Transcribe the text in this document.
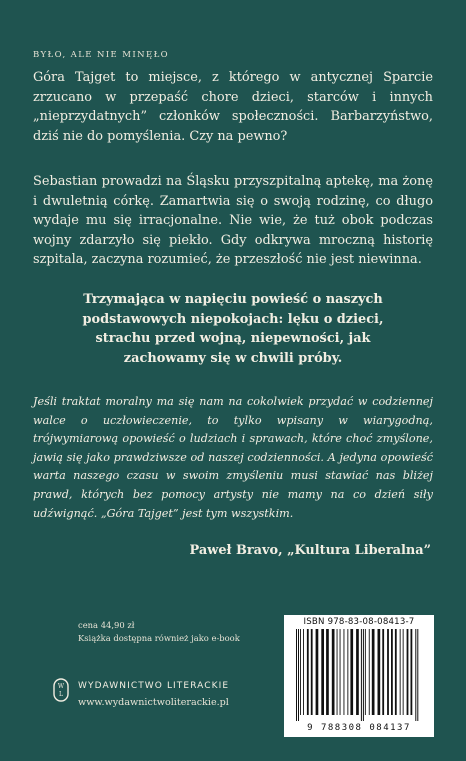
BYŁO, ALE NIE MINĘŁO

Góra Tajget to miejsce, z którego w antycznej Sparcie zrzucano w przepaść chore dzieci, starców i innych „nieprzydatnych” członków społeczności. Barbarzyństwo, dziś nie do pomyślenia. Czy na pewno?

Sebastian prowadzi na Śląsku przyszpitalną aptekę, ma żonę i dwuletnią córkę. Zamartwia się o swoją rodzinę, co długo wydaje mu się irracjonalne. Nie wie, że tuż obok podczas wojny zdarzyło się piekło. Gdy odkrywa mroczną historię szpitala, zaczyna rozumieć, że przeszłość nie jest niewinna.

Trzymająca w napięciu powieść o naszych podstawowych niepokojach: lęku o dzieci, strachu przed wojną, niepewności, jak zachowamy się w chwili próby.

Jeśli traktat moralny ma się nam na cokolwiek przydać w codziennej walce o uczłowieczenie, to tylko wpisany w wiarygodną, trójwymiarową opowieść o ludziach i sprawach, które choć zmyślone, jawią się jako prawdziwsze od naszej codzienności. A jedyna opowieść warta naszego czasu w swoim zmyśleniu musi stawiać nas bliżej prawd, których bez pomocy artysty nie mamy na co dzień siły udźwignąć. „Góra Tajget” jest tym wszystkim.

Paweł Bravo, „Kultura Liberalna”
cena 44,90 zł
Książka dostępna również jako e-book
W
L
WYDAWNICTWO LITERACKIE
www.wydawnictwoliterackie.pl
ISBN 978-83-08-08413-7
9 788308 084137
